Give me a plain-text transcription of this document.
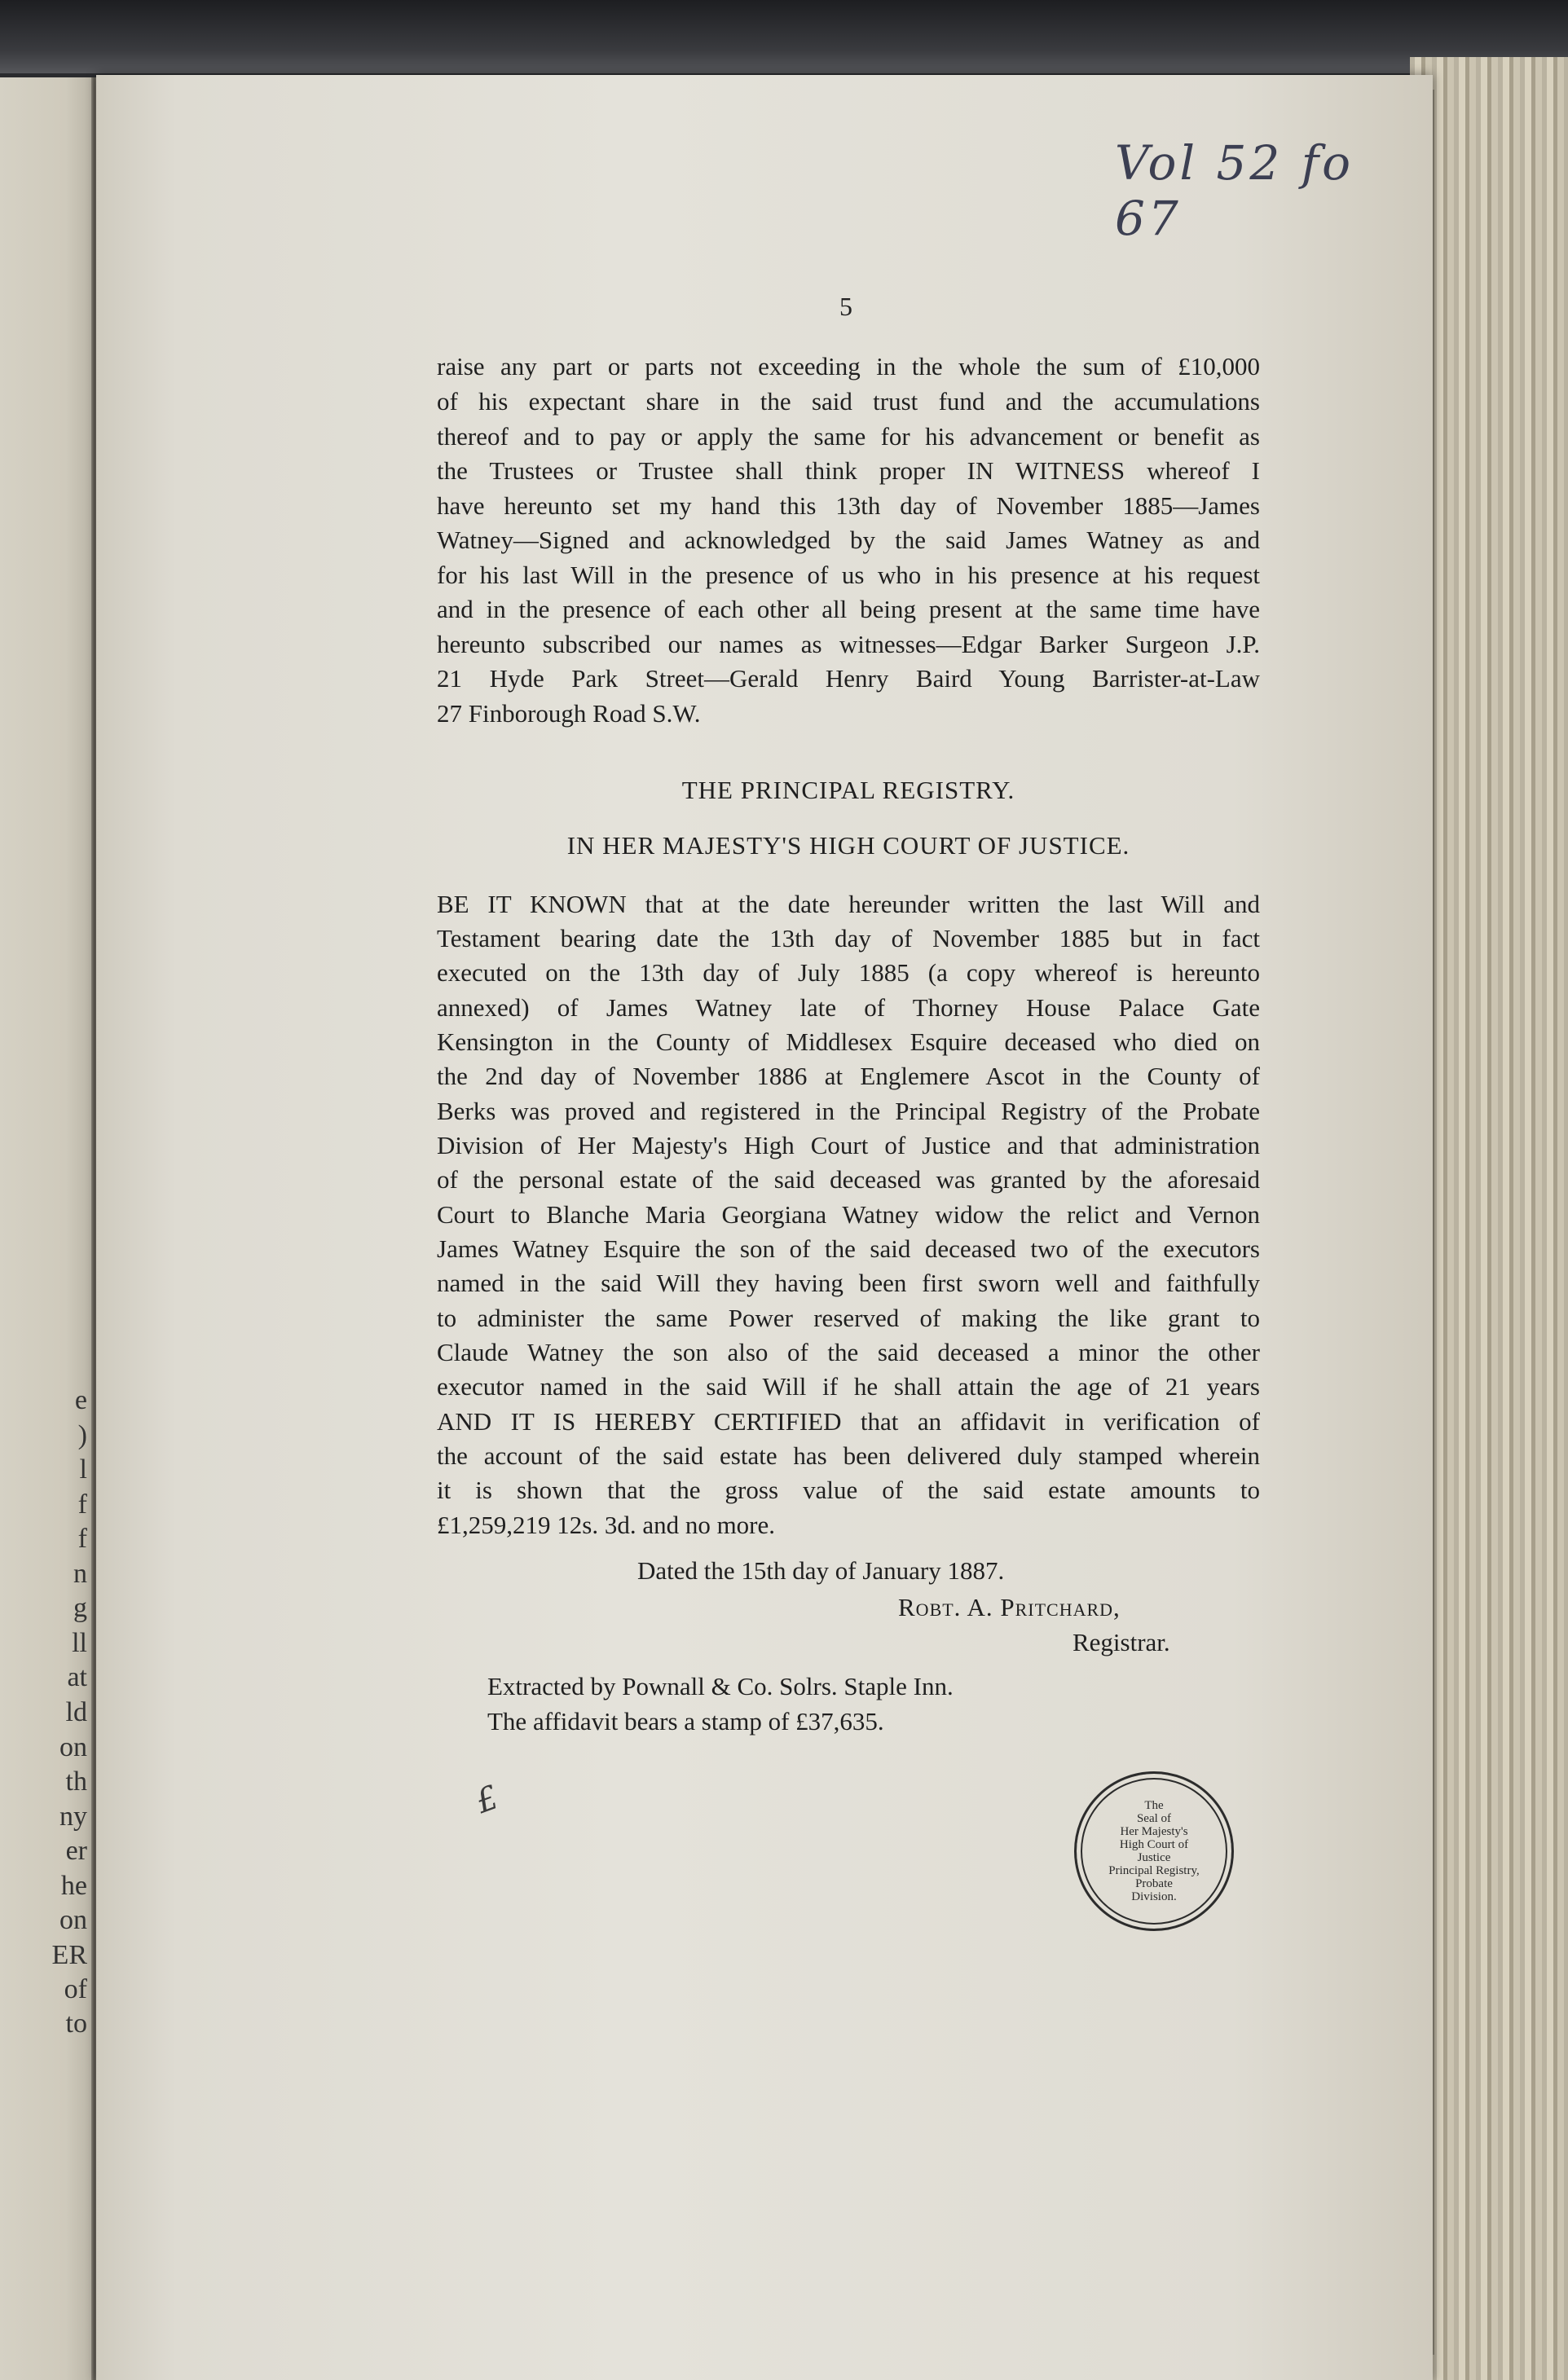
e
)
l
f
f
n
g
ll
at
ld
on
th
ny
er
he
on
ER
of
to
Vol 52 fo 67
5
raise any part or parts not exceeding in the whole the sum of £10,000
of his expectant share in the said trust fund and the accumulations
thereof and to pay or apply the same for his advancement or benefit as
the Trustees or Trustee shall think proper IN WITNESS whereof I
have hereunto set my hand this 13th day of November 1885—James
Watney—Signed and acknowledged by the said James Watney as and
for his last Will in the presence of us who in his presence at his request
and in the presence of each other all being present at the same time have
hereunto subscribed our names as witnesses—Edgar Barker Surgeon J.P.
21 Hyde Park Street—Gerald Henry Baird Young Barrister-at-Law
27 Finborough Road S.W.
THE PRINCIPAL REGISTRY.
IN HER MAJESTY'S HIGH COURT OF JUSTICE.
BE IT KNOWN that at the date hereunder written the last Will and
Testament bearing date the 13th day of November 1885 but in fact
executed on the 13th day of July 1885 (a copy whereof is hereunto
annexed) of James Watney late of Thorney House Palace Gate
Kensington in the County of Middlesex Esquire deceased who died on
the 2nd day of November 1886 at Englemere Ascot in the County of
Berks was proved and registered in the Principal Registry of the Probate
Division of Her Majesty's High Court of Justice and that administration
of the personal estate of the said deceased was granted by the aforesaid
Court to Blanche Maria Georgiana Watney widow the relict and Vernon
James Watney Esquire the son of the said deceased two of the executors
named in the said Will they having been first sworn well and faithfully
to administer the same Power reserved of making the like grant to
Claude Watney the son also of the said deceased a minor the other
executor named in the said Will if he shall attain the age of 21 years
AND IT IS HEREBY CERTIFIED that an affidavit in verification of
the account of the said estate has been delivered duly stamped wherein
it is shown that the gross value of the said estate amounts to
£1,259,219 12s. 3d. and no more.
Dated the 15th day of January 1887.
Robt. A. Pritchard,
Registrar.
Extracted by Pownall & Co. Solrs. Staple Inn.
The affidavit bears a stamp of £37,635.
£	The
Seal of
Her Majesty's
High Court of
Justice
Principal Registry,
Probate
Division.
